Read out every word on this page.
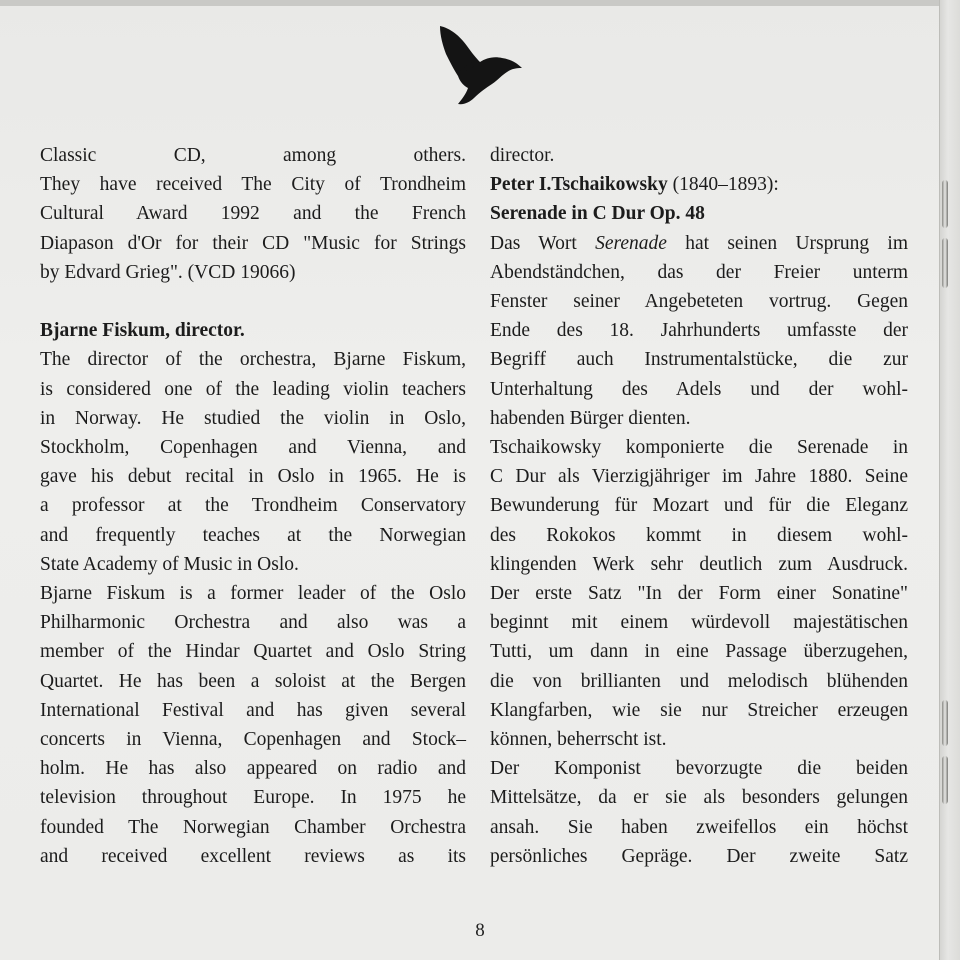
Classic CD, among others.
They have received The City of Trondheim
Cultural Award 1992 and the French
Diapason d'Or for their CD "Music for Strings
by Edvard Grieg". (VCD 19066)
Bjarne Fiskum, director.
The director of the orchestra, Bjarne Fiskum,
is considered one of the leading violin teachers
in Norway. He studied the violin in Oslo,
Stockholm, Copenhagen and Vienna, and
gave his debut recital in Oslo in 1965. He is
a professor at the Trondheim Conservatory
and frequently teaches at the Norwegian
State Academy of Music in Oslo.
Bjarne Fiskum is a former leader of the Oslo
Philharmonic Orchestra and also was a
member of the Hindar Quartet and Oslo String
Quartet. He has been a soloist at the Bergen
International Festival and has given several
concerts in Vienna, Copenhagen and Stock–
holm. He has also appeared on radio and
television throughout Europe. In 1975 he
founded The Norwegian Chamber Orchestra
and received excellent reviews as its
director.
Peter I.Tschaikowsky (1840–1893):
Serenade in C Dur Op. 48
Das Wort Serenade hat seinen Ursprung im
Abendständchen, das der Freier unterm
Fenster seiner Angebeteten vortrug. Gegen
Ende des 18. Jahrhunderts umfasste der
Begriff auch Instrumentalstücke, die zur
Unterhaltung des Adels und der wohl-
habenden Bürger dienten.
Tschaikowsky komponierte die Serenade in
C Dur als Vierzigjähriger im Jahre 1880. Seine
Bewunderung für Mozart und für die Eleganz
des Rokokos kommt in diesem wohl-
klingenden Werk sehr deutlich zum Ausdruck.
Der erste Satz "In der Form einer Sonatine"
beginnt mit einem würdevoll majestätischen
Tutti, um dann in eine Passage überzugehen,
die von brillianten und melodisch blühenden
Klangfarben, wie sie nur Streicher erzeugen
können, beherrscht ist.
Der Komponist bevorzugte die beiden
Mittelsätze, da er sie als besonders gelungen
ansah. Sie haben zweifellos ein höchst
persönliches Gepräge. Der zweite Satz
8
